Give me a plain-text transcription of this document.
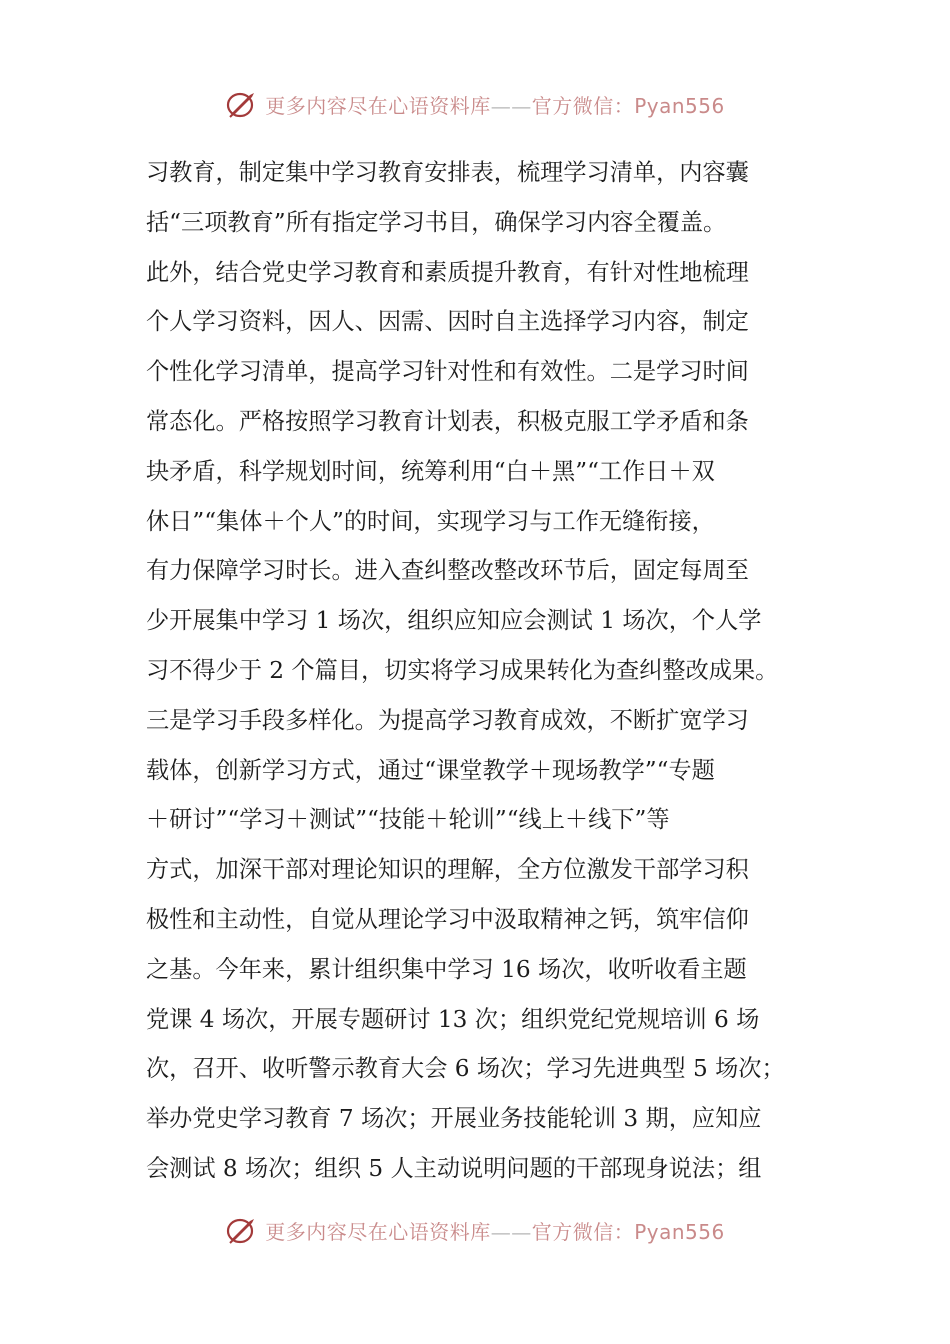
更多内容尽在心语资料库——官方微信：Pyan556
习教育，制定集中学习教育安排表，梳理学习清单，内容囊
括“三项教育”所有指定学习书目，确保学习内容全覆盖。
此外，结合党史学习教育和素质提升教育，有针对性地梳理
个人学习资料，因人、因需、因时自主选择学习内容，制定
个性化学习清单，提高学习针对性和有效性。二是学习时间
常态化。严格按照学习教育计划表，积极克服工学矛盾和条
块矛盾，科学规划时间，统筹利用“白＋黑”“工作日＋双
休日”“集体＋个人”的时间，实现学习与工作无缝衔接，
有力保障学习时长。进入查纠整改整改环节后，固定每周至
少开展集中学习 1 场次，组织应知应会测试 1 场次，个人学
习不得少于 2 个篇目，切实将学习成果转化为查纠整改成果。
三是学习手段多样化。为提高学习教育成效，不断扩宽学习
载体，创新学习方式，通过“课堂教学＋现场教学”“专题
＋研讨”“学习＋测试”“技能＋轮训”“线上＋线下”等
方式，加深干部对理论知识的理解，全方位激发干部学习积
极性和主动性，自觉从理论学习中汲取精神之钙，筑牢信仰
之基。今年来，累计组织集中学习 16 场次，收听收看主题
党课 4 场次，开展专题研讨 13 次；组织党纪党规培训 6 场
次，召开、收听警示教育大会 6 场次；学习先进典型 5 场次；
举办党史学习教育 7 场次；开展业务技能轮训 3 期，应知应
会测试 8 场次；组织 5 人主动说明问题的干部现身说法；组
更多内容尽在心语资料库——官方微信：Pyan556
